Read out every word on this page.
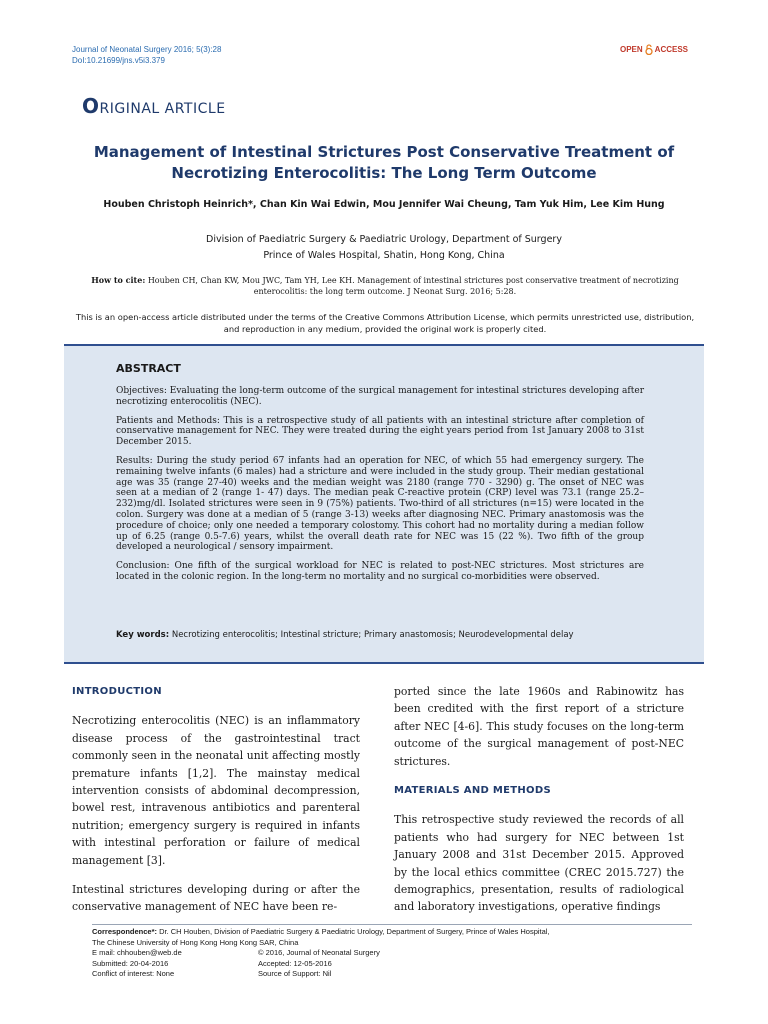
Journal of Neonatal Surgery 2016; 5(3):28
DoI:10.21699/jns.v5i3.379
OPEN ACCESS
ORIGINAL ARTICLE
Management of Intestinal Strictures Post Conservative Treatment of
Necrotizing Enterocolitis: The Long Term Outcome
Houben Christoph Heinrich*, Chan Kin Wai Edwin, Mou Jennifer Wai Cheung, Tam Yuk Him, Lee Kim Hung
Division of Paediatric Surgery & Paediatric Urology, Department of Surgery
Prince of Wales Hospital, Shatin, Hong Kong, China
How to cite: Houben CH, Chan KW, Mou JWC, Tam YH, Lee KH. Management of intestinal strictures post conservative treatment of necrotizing enterocolitis: the long term outcome. J Neonat Surg. 2016; 5:28.
This is an open-access article distributed under the terms of the Creative Commons Attribution License, which permits unrestricted use, distribution, and reproduction in any medium, provided the original work is properly cited.
ABSTRACT

Objectives: Evaluating the long-term outcome of the surgical management for intestinal strictures developing after necrotizing enterocolitis (NEC).

Patients and Methods: This is a retrospective study of all patients with an intestinal stricture after completion of conservative management for NEC. They were treated during the eight years period from 1st January 2008 to 31st December 2015.

Results: During the study period 67 infants had an operation for NEC, of which 55 had emergency surgery. The remaining twelve infants (6 males) had a stricture and were included in the study group. Their median gestational age was 35 (range 27-40) weeks and the median weight was 2180 (range 770 - 3290) g. The onset of NEC was seen at a median of 2 (range 1- 47) days. The median peak C-reactive protein (CRP) level was 73.1 (range 25.2–232)mg/dl. Isolated strictures were seen in 9 (75%) patients. Two-third of all strictures (n=15) were located in the colon. Surgery was done at a median of 5 (range 3-13) weeks after diagnosing NEC. Primary anastomosis was the procedure of choice; only one needed a temporary colostomy. This cohort had no mortality during a median follow up of 6.25 (range 0.5-7.6) years, whilst the overall death rate for NEC was 15 (22 %). Two fifth of the group developed a neurological / sensory impairment.

Conclusion: One fifth of the surgical workload for NEC is related to post-NEC strictures. Most strictures are located in the colonic region. In the long-term no mortality and no surgical co-morbidities were observed.

Key words: Necrotizing enterocolitis; Intestinal stricture; Primary anastomosis; Neurodevelopmental delay

INTRODUCTION

Necrotizing enterocolitis (NEC) is an inflammatory disease process of the gastrointestinal tract commonly seen in the neonatal unit affecting mostly premature infants [1,2]. The mainstay medical intervention consists of abdominal decompression, bowel rest, intravenous antibiotics and parenteral nutrition; emergency surgery is required in infants with intestinal perforation or failure of medical management [3].

Intestinal strictures developing during or after the conservative management of NEC have been re-

ported since the late 1960s and Rabinowitz has been credited with the first report of a stricture after NEC [4-6]. This study focuses on the long-term outcome of the surgical management of post-NEC strictures.

MATERIALS AND METHODS

This retrospective study reviewed the records of all patients who had surgery for NEC between 1st January 2008 and 31st December 2015. Approved by the local ethics committee (CREC 2015.727) the demographics, presentation, results of radiological and laboratory investigations, operative findings

Correspondence*: Dr. CH Houben, Division of Paediatric Surgery & Paediatric Urology, Department of Surgery, Prince of Wales Hospital,
The Chinese University of Hong Kong Hong Kong SAR, China
E mail: chhouben@web.de	© 2016, Journal of Neonatal Surgery
Submitted: 20-04-2016	Accepted: 12-05-2016
Conflict of interest: None	Source of Support: Nil
